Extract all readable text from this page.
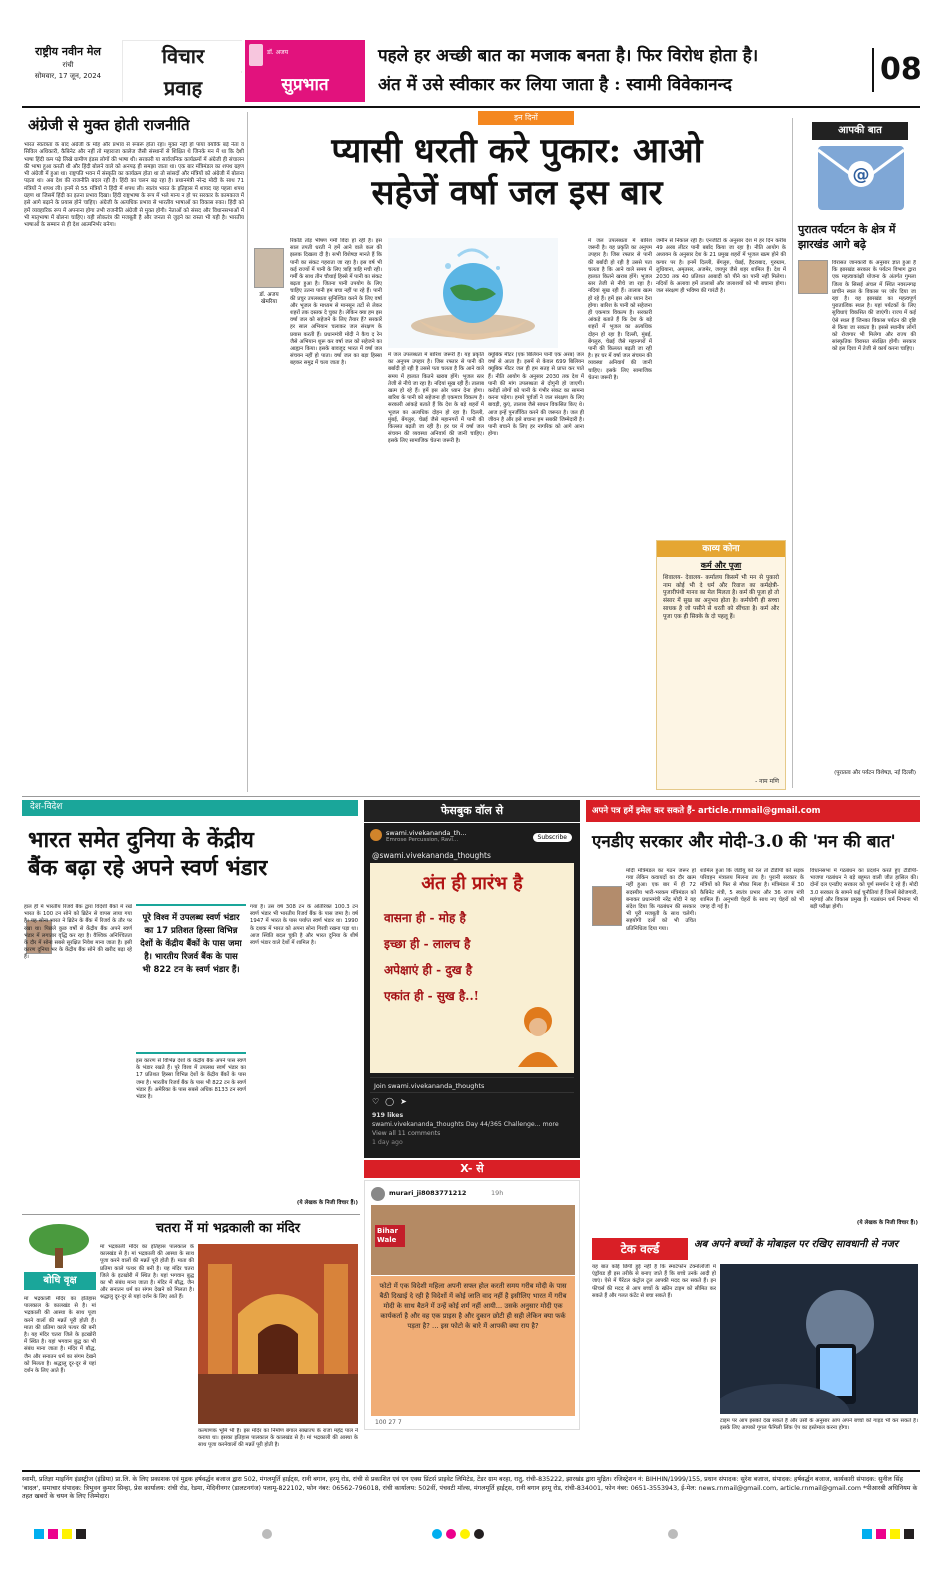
राष्ट्रीय नवीन मेल
रांची
सोमवार, 17 जून, 2024
विचार
प्रवाह
डॉ. अजय
सुप्रभात
पहले हर अच्छी बात का मजाक बनता है। फिर विरोध होता है।
अंत में उसे स्वीकार कर लिया जाता है : स्वामी विवेकानन्द	08
अंग्रेजी से मुक्त होती राजनीति
भारत स्वतंत्रता के बाद अंग्रेजी के मोह और प्रभाव से रूबरू होता रहा। मुक्त नहीं हो पाया क्योंकि बड़े नेता व सिविल अधिकारी, कैबिनेट और नहीं तो महाराजा कालेज जैसी संस्थानों से शिक्षित थे जिनके मन में था कि देशी भाषा हिंदी कम पढ़े लिखे ग्रामीण इंडस लोगों की भाषा थी। सरकारी या सार्वजनिक कार्यक्रमों में अंग्रेजी ही संचालन की भाषा हुआ करती थी और हिंदी बोलने वाले को अनपढ़ ही समझा जाता था। एक बार मंत्रिमंडल का शपथ ग्रहण भी अंग्रेजी में हुआ था। राष्ट्रपति भवन में संस्कृति का कार्यक्रम होता था तो सांसदों और मंत्रियों को अंग्रेजी में बोलना पड़ता था। अब देश की राजनीति बदल रही है। हिंदी का चलन बढ़ रहा है। प्रधानमंत्री नरेन्द्र मोदी के साथ 71 मंत्रियों ने शपथ ली। इनमें से 55 मंत्रियों ने हिंदी में शपथ ली। स्वतंत्र भारत के इतिहास में शायद यह पहला शपथ ग्रहण था जिसमें हिंदी का इतना प्रभाव दिखा। हिंदी राष्ट्रभाषा के रूप में भले मान्य न हो पर सरकार के कामकाज में इसे आगे बढ़ाने के प्रयास होने चाहिए। अंग्रेजी के अत्यधिक प्रभाव से भारतीय भाषाओं का विकास रुका। हिंदी को हमें व्यवहारिक रूप में अपनाना होगा तभी राजनीति अंग्रेजी से मुक्त होगी। नेताओं को संसद और विधानसभाओं में भी मातृभाषा में बोलना चाहिए। यही लोकतंत्र की मजबूती है और जनता से जुड़ने का रास्ता भी यही है। भारतीय भाषाओं के सम्मान से ही देश आत्मनिर्भर बनेगा।
इन दिनों
प्यासी धरती करे पुकार: आओ
सहेजें वर्षा जल इस बार
डॉ. अजय खेमरिया
रिकॉर्ड तोड़ भीषण गर्मी विदा हो रही है। इस साल तपती धरती ने हमें आने वाले कल की झलक दिखला दी है। सभी विशेषज्ञ मानते हैं कि पानी का संकट गहराता जा रहा है। इस वर्ष भी कई राज्यों में पानी के लिए त्राहि त्राहि मची रही। गर्मी के साथ तीन चौथाई हिस्से में पानी का संकट बढ़ता हुआ है। जितना पानी उपयोग के लिए चाहिए उतना पानी हम बचा नहीं पा रहे हैं। पानी की प्रचुर उपलब्धता सुनिश्चित करने के लिए वर्षा और भूजल के माध्यम से मानसून तटों से लेकर शहरों तक दस्तक दे चुका है। लेकिन क्या हम इस वर्षा जल को सहेजने के लिए तैयार हैं? सरकारें हर साल अभियान चलाकर जल संरक्षण के प्रयास करती हैं। प्रधानमंत्री मोदी ने कैच द रेन जैसे अभियान शुरू कर वर्षा जल को सहेजने का आह्वान किया। इसके बावजूद भारत में वर्षा जल संचयन नहीं हो पाता। वर्षा जल का बड़ा हिस्सा बहकर समुद्र में चला जाता है।
में जल उपलब्धता में बारिश जरूरी है। यह प्रकृति का अनुपम उपहार है। जिस रफ्तार से पानी की बर्बादी हो रही है उससे पता चलता है कि आने वाले समय में हालात कितने खराब होंगे। भूजल स्तर तेजी से नीचे जा रहा है। नदियां सूख रही हैं। तालाब खत्म हो रहे हैं। हमें इस ओर ध्यान देना होगा। बारिश के पानी को सहेजना ही एकमात्र विकल्प है। सरकारी आंकड़े बताते हैं कि देश के बड़े शहरों में भूजल का अत्यधिक दोहन हो रहा है। दिल्ली, मुंबई, बेंगलुरु, चेन्नई जैसे महानगरों में पानी की किल्लत बढ़ती जा रही है। हर घर में वर्षा जल संचयन की व्यवस्था अनिवार्य की जानी चाहिए। इसके लिए सामाजिक चेतना जरूरी है।
क्यूबिक मीटर (एक बिलियन पानी एक अरब) जल वर्षा से आता है। इसमें से केवल 699 बिलियन क्यूबिक मीटर जल ही हम सतह से प्राप्त कर पाते हैं। नीति आयोग के अनुसार 2030 तक देश में पानी की मांग उपलब्धता से दोगुनी हो जाएगी। करोड़ों लोगों को पानी के गंभीर संकट का सामना करना पड़ेगा। हमारे पूर्वजों ने जल संरक्षण के लिए बावड़ी, कुएं, तालाब जैसे साधन विकसित किए थे। आज इन्हें पुनर्जीवित करने की जरूरत है। जल ही जीवन है और इसे बचाना हम सबकी जिम्मेदारी है। पानी बचाने के लिए हर नागरिक को आगे आना होगा।
जमीन से निकाल रही है। एनजीटी के अनुसार देश में हर दिन करीब 49 अरब लीटर पानी बर्बाद किया जा रहा है। नीति आयोग के अध्ययन के अनुसार देश के 21 प्रमुख शहरों में भूजल खत्म होने की कगार पर है। इनमें दिल्ली, बेंगलुरु, चेन्नई, हैदराबाद, गुरुग्राम, लुधियाना, अमृतसर, अजमेर, जयपुर जैसे शहर शामिल हैं। देश में 2030 तक 40 प्रतिशत आबादी को पीने का पानी नहीं मिलेगा। नदियों के अलावा हमें तालाबों और जलाशयों को भी बचाना होगा। जल संरक्षण ही भविष्य की गारंटी है।
काव्य कोना
कर्म और पूजा
शिवालय- देवालय- कर्मालय किसमें भी मन से पुकारो नाम कोई भी दे धर्म और रिवाज का कर्मक्षेत्री- पुजारीपंथी मानव का मेल मिलता है। कर्म की पूजा हो तो संसार में सुख का अनुभव होता है। कर्मयोगी ही सच्चा साधक है जो पसीने से धरती को सींचता है। कर्म और पूजा एक ही सिक्के के दो पहलू हैं।
- नाम मणि
में जल उपलब्धता में बारिश जरूरी है। यह प्रकृति का अनुपम उपहार है। जिस रफ्तार से पानी की बर्बादी हो रही है उससे पता चलता है कि आने वाले समय में हालात कितने खराब होंगे। भूजल स्तर तेजी से नीचे जा रहा है। नदियां सूख रही हैं। तालाब खत्म हो रहे हैं। हमें इस ओर ध्यान देना होगा। बारिश के पानी को सहेजना ही एकमात्र विकल्प है। सरकारी आंकड़े बताते हैं कि देश के बड़े शहरों में भूजल का अत्यधिक दोहन हो रहा है। दिल्ली, मुंबई, बेंगलुरु, चेन्नई जैसे महानगरों में पानी की किल्लत बढ़ती जा रही है। हर घर में वर्षा जल संचयन की व्यवस्था अनिवार्य की जानी चाहिए। इसके लिए सामाजिक चेतना जरूरी है।
आपकी बात
@
पुरातत्व पर्यटन के क्षेत्र में झारखंड आगे बढ़े
विरासत जानकारी के अनुसार ज्ञात हुआ है कि झारखंड सरकार के पर्यटन विभाग द्वारा एक महत्वाकांक्षी योजना के अंतर्गत गुमला जिला के सिसई अंचल में स्थित नवरत्नगढ़ प्राचीन स्थल के विकास पर जोर दिया जा रहा है। यह झारखंड का महत्वपूर्ण पुरातात्विक स्थल है। यहां पर्यटकों के लिए सुविधाएं विकसित की जाएंगी। राज्य में कई ऐसे स्थल हैं जिनका विकास पर्यटन की दृष्टि से किया जा सकता है। इससे स्थानीय लोगों को रोजगार भी मिलेगा और राज्य की सांस्कृतिक विरासत संरक्षित होगी। सरकार को इस दिशा में तेजी से कार्य करना चाहिए।
(पुरातत्व और पर्यटन विशेषज्ञ, नई दिल्ली)
देश-विदेश
भारत समेत दुनिया के केंद्रीय
बैंक बढ़ा रहे अपने स्वर्ण भंडार
हाल ही में भारतीय रिजर्व बैंक द्वारा विदेशी बैंकों में रखे भारत के 100 टन सोने को ब्रिटेन से वापस लाया गया है। यह सोना भारत ने ब्रिटेन के बैंक में रिजर्व के तौर पर रखा था। पिछले कुछ वर्षों से केंद्रीय बैंक अपने स्वर्ण भंडार में लगातार वृद्धि कर रहा है। वैश्विक अनिश्चितता के दौर में सोना सबसे सुरक्षित निवेश माना जाता है। इसी कारण दुनिया भर के केंद्रीय बैंक सोने की खरीद बढ़ा रहे हैं।
पूरे विश्व में उपलब्ध स्वर्ण भंडार का 17 प्रतिशत हिस्सा विभिन्न देशों के केंद्रीय बैंकों के पास जमा है। भारतीय रिजर्व बैंक के पास भी 822 टन के स्वर्ण भंडार हैं।
इस कारण से विभिन्न देशों के केंद्रीय बैंक अपने पास स्वर्ण के भंडार रखते हैं। पूरे विश्व में उपलब्ध स्वर्ण भंडार का 17 प्रतिशत हिस्सा विभिन्न देशों के केंद्रीय बैंकों के पास जमा है। भारतीय रिजर्व बैंक के पास भी 822 टन के स्वर्ण भंडार हैं। अमेरिका के पास सबसे अधिक 8133 टन स्वर्ण भंडार है।
गया है। उस वर्ष 308 टन के अतिरिक्त 100.3 टन स्वर्ण भंडार भी भारतीय रिजर्व बैंक के पास जमा है। वर्ष 1947 में भारत के पास पर्याप्त स्वर्ण भंडार था। 1990 के दशक में भारत को अपना सोना गिरवी रखना पड़ा था। आज स्थिति बदल चुकी है और भारत दुनिया के शीर्ष स्वर्ण भंडार वाले देशों में शामिल है।
(ये लेखक के निजी विचार हैं।)
बोधि वृक्ष
चतरा में मां भद्रकाली का मंदिर
मां भद्रकाली मंदिर का इतिहास पालकाल के कालखंड से है। मां भद्रकाली की आस्था के साथ पूजा करने वालों की मन्नतें पूरी होती हैं। माता की प्रतिमा काले पत्थर की बनी है। यह मंदिर चतरा जिले के इटखोरी में स्थित है। यहां भगवान बुद्ध का भी संबंध माना जाता है। मंदिर में बौद्ध, जैन और सनातन धर्म का संगम देखने को मिलता है। श्रद्धालु दूर-दूर से यहां दर्शन के लिए आते हैं।
मां भद्रकाली मंदिर का इतिहास पालकाल के कालखंड से है। मां भद्रकाली की आस्था के साथ पूजा करने वालों की मन्नतें पूरी होती हैं। माता की प्रतिमा काले पत्थर की बनी है। यह मंदिर चतरा जिले के इटखोरी में स्थित है। यहां भगवान बुद्ध का भी संबंध माना जाता है। मंदिर में बौद्ध, जैन और सनातन धर्म का संगम देखने को मिलता है। श्रद्धालु दूर-दूर से यहां दर्शन के लिए आते हैं।
कल्याणक भूमि भी है। इस मंदिर का निर्माण बंगाल साम्राज्य के राजा महेंद्र पाल ने कराया था। इसका इतिहास पालकाल के कालखंड से है। मां भद्रकाली की आस्था के साथ पूजा करनेवालों की मन्नतें पूरी होती है।
फेसबुक वॉल से
swami.vivekananda_th...
Emrose Percussion, Ravi...	Subscribe
@swami.vivekananda_thoughts
अंत ही प्रारंभ है
वासना ही - मोह है
इच्छा ही - लालच है
अपेक्षाएं ही - दुख है
एकांत ही - सुख है..!
Join swami.vivekananda_thoughts
♡◯➤
919 likes
swami.vivekananda_thoughts Day 44/365 Challenge... more
View all 11 comments
1 day ago
X- से
murari_ji8083771212	19h
Bihar Wale
फोटो में एक विदेशी महिला अपनी सफ्ल होल करती समय गरीब मोदी के पास बैठी दिखाई दे रही है विदेशों में कोई जाति वाद नहीं है इसीलिए भारत में गरीब मोदी के साथ बैठने में उन्हें कोई शर्म नहीं आयी... उसके अनुसार मोदी एक कार्यकर्ता है और वह एक प्राइस है और दुकान छोटी ही सही लेकिन क्या फर्क पड़ता है? ... इस फोटो के बारे में आपकी क्या राय है?
100 27 7
अपने पत्र हमें इमेल कर सकते हैं- article.rnmail@gmail.com
एनडीए सरकार और मोदी-3.0 की 'मन की बात'
मोदी मंत्रिमंडल का गठन जरूर हो गया लेकिन कवायदों का दौर खत्म नहीं हुआ। एक बार में ही 72 सदस्यीय भारी-भरकम मंत्रिमंडल को बनाकर प्रधानमंत्री नरेंद्र मोदी ने यह संदेश दिया कि गठबंधन की सरकार भी पूरी मजबूती के साथ चलेगी। सहयोगी दलों को भी उचित प्रतिनिधित्व दिया गया।
शामिल हुआ कि जेडीयू को रेल तो टीडीपी को सड़क परिवहन मंत्रालय मिलना तय है। पुरानी सरकार के मंत्रियों को फिर से मौका मिला है। मंत्रिमंडल में 30 कैबिनेट मंत्री, 5 स्वतंत्र प्रभार और 36 राज्य मंत्री शामिल हैं। अनुभवी चेहरों के साथ नए चेहरों को भी जगह दी गई है।
विधानसभा में गठबंधन का प्रदर्शन करते हुए टीडीपी-भाजपा गठबंधन ने बड़े बहुमत वाली जीत हासिल की। दोनों दल एनडीए सरकार को पूर्ण समर्थन दे रहे हैं। मोदी 3.0 सरकार के सामने कई चुनौतियां हैं जिनमें बेरोजगारी, महंगाई और विकास प्रमुख हैं। गठबंधन धर्म निभाना भी बड़ी परीक्षा होगी।
(ये लेखक के निजी विचार हैं।)
टेक वर्ल्ड	अब अपने बच्चों के मोबाइल पर रखिए सावधानी से नजर
यह बात कोई छिपी हुई नहीं है कि स्मार्टफोन टेक्नोलॉजी में एंड्रॉयड ही इस तरीके से बनाए जाते हैं कि बच्चे उनके आदी हो जाएं। ऐसे में पैरेंटल कंट्रोल टूल आपकी मदद कर सकते हैं। इन फीचर्स की मदद से आप बच्चों के स्क्रीन टाइम को सीमित कर सकते हैं और गलत कंटेंट से बचा सकते हैं।
टाइम पर आप इसको देख सकते हैं और उसी के अनुसार आप अपने बच्चों को गाइड भी कर सकते हैं। इसके लिए आपको गूगल फैमिली लिंक ऐप का इस्तेमाल करना होगा।
स्वामी, प्रतिज्ञा माइनिंग इंडस्ट्रीज (इंडिया) प्रा.लि. के लिए प्रकाशक एवं मुद्रक हर्षवर्द्धन बजाज द्वारा 502, मंगलमूर्ति हाईट्स, रानी बगान, हरमू रोड, रांची से प्रकाशित एवं एन एक्स प्रिंटर्स प्राइवेट लिमिटेड, टेंडर ग्राम बरहा, रातु, रांची-835222, झारखंड द्वारा मुद्रित। रजिस्ट्रेशन नं: BIHHIN/1999/155, प्रधान संपादक: सुरेश बजाज, संपादक: हर्षवर्द्धन बजाज, कार्यकारी संपादक: सुनील सिंह 'बादल', समाचार संपादक: त्रिभुवन कुमार सिन्हा, प्रेस कार्यालय: रांची रोड, रेडमा, मेदिनीनगर (डालटनगंज) पलामू-822102, फोन नंबर: 06562-796018, रांची कार्यालय: 502वीं, पंचवटी मॉल्स, मंगलमूर्ति हाईट्स, रानी बगान हरमू रोड, रांची-834001, फोन नंबर: 0651-3553943, ई-मेल: news.rnmail@gmail.com, article.rnmail@gmail.com *पीआरबी अधिनियम के तहत खबरों के चयन के लिए जिम्मेदार।
